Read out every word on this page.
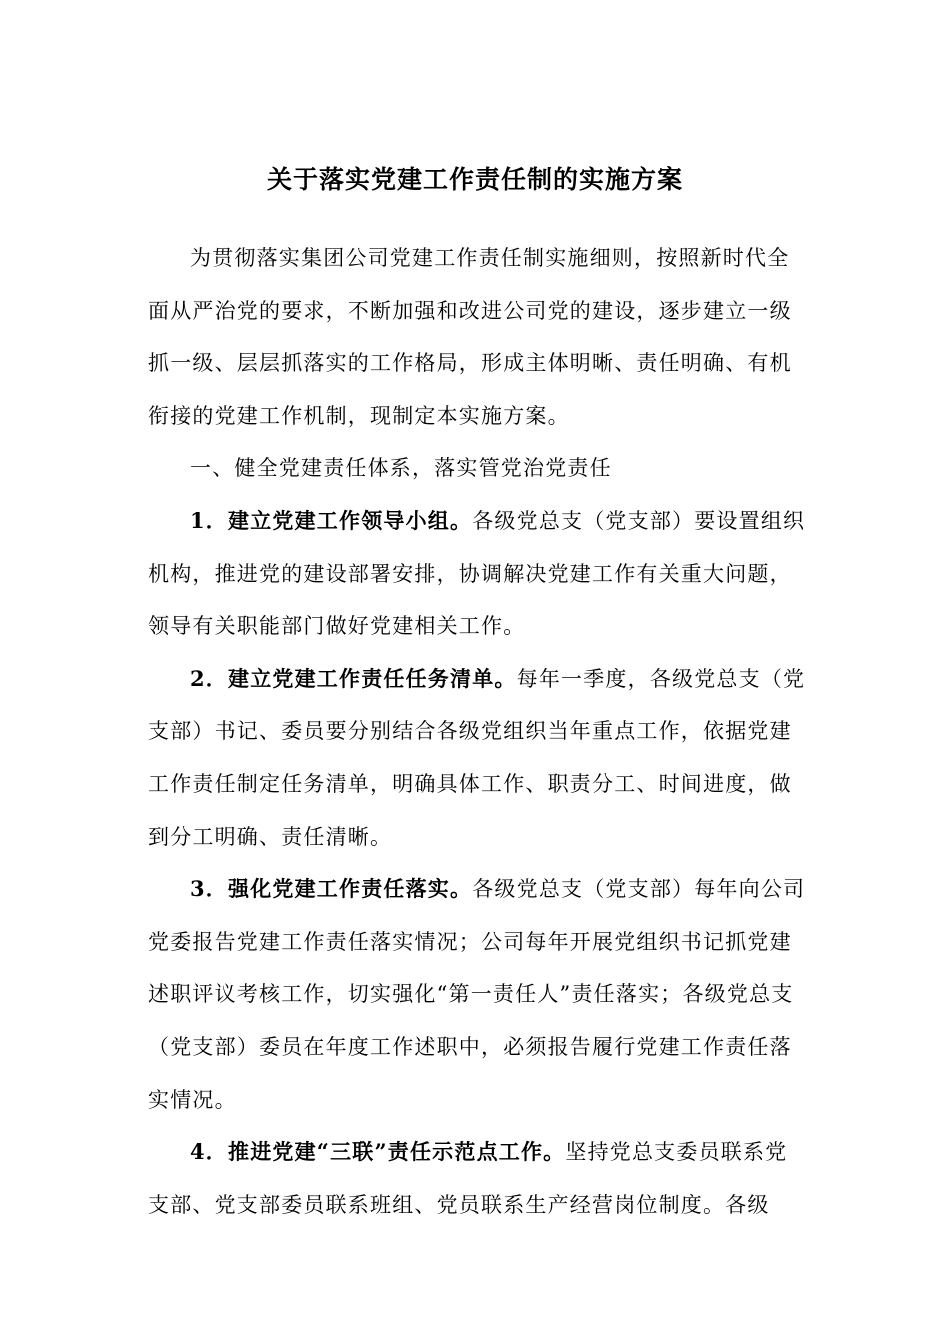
关于落实党建工作责任制的实施方案

为贯彻落实集团公司党建工作责任制实施细则，按照新时代全面从严治党的要求，不断加强和改进公司党的建设，逐步建立一级抓一级、层层抓落实的工作格局，形成主体明晰、责任明确、有机衔接的党建工作机制，现制定本实施方案。

一、健全党建责任体系，落实管党治党责任

1．建立党建工作领导小组。各级党总支（党支部）要设置组织机构，推进党的建设部署安排，协调解决党建工作有关重大问题，领导有关职能部门做好党建相关工作。

2．建立党建工作责任任务清单。每年一季度，各级党总支（党支部）书记、委员要分别结合各级党组织当年重点工作，依据党建工作责任制定任务清单，明确具体工作、职责分工、时间进度，做到分工明确、责任清晰。

3．强化党建工作责任落实。各级党总支（党支部）每年向公司党委报告党建工作责任落实情况；公司每年开展党组织书记抓党建述职评议考核工作，切实强化“第一责任人”责任落实；各级党总支（党支部）委员在年度工作述职中，必须报告履行党建工作责任落实情况。

4．推进党建“三联”责任示范点工作。坚持党总支委员联系党支部、党支部委员联系班组、党员联系生产经营岗位制度。各级
